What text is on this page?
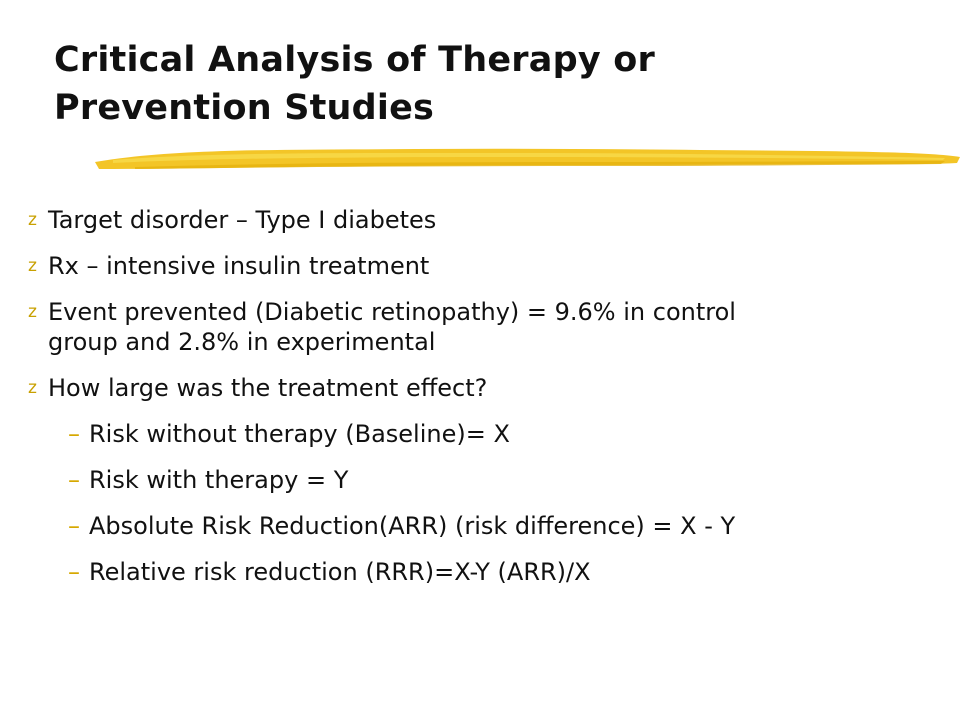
Critical Analysis of Therapy or
Prevention Studies
z Target disorder – Type I diabetes
z Rx – intensive insulin treatment
z Event prevented (Diabetic retinopathy) = 9.6% in control
group and 2.8% in experimental
z How large was the treatment effect?
– Risk without therapy (Baseline)= X
– Risk with therapy = Y
– Absolute Risk Reduction(ARR) (risk difference) = X - Y
– Relative risk reduction (RRR)=X-Y (ARR)/X
